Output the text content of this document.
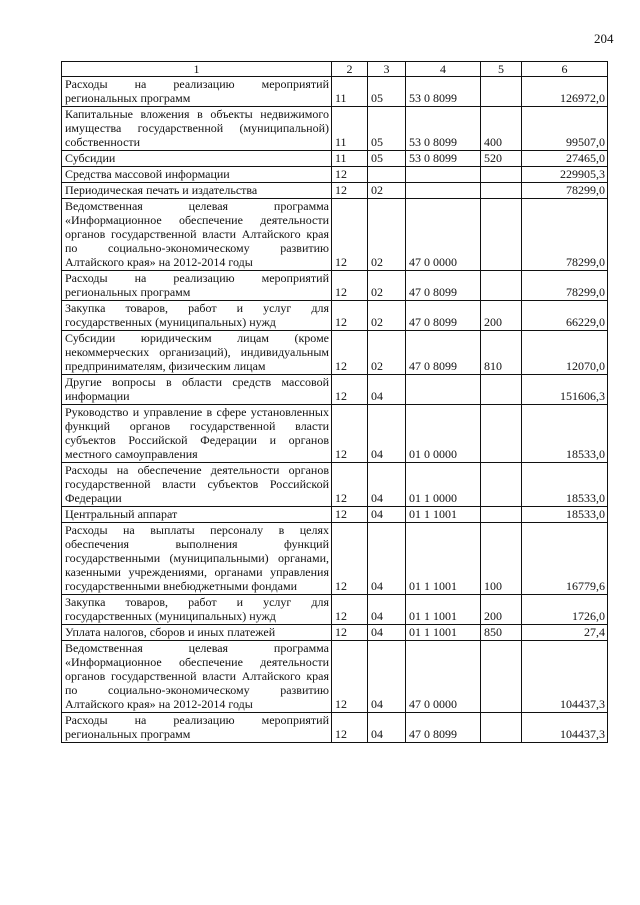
204
1	2	3	4	5	6
Расходы на реализацию мероприятий региональных программ	11	05	53 0 8099		126972,0
Капитальные вложения в объекты недвижимого имущества государственной (муниципальной) собственности	11	05	53 0 8099	400	99507,0
Субсидии	11	05	53 0 8099	520	27465,0
Средства массовой информации	12				229905,3
Периодическая печать и издательства	12	02			78299,0
Ведомственная целевая программа «Информационное обеспечение деятельности органов государственной власти Алтайского края по социально-экономическому развитию Алтайского края» на 2012-2014 годы	12	02	47 0 0000		78299,0
Расходы на реализацию мероприятий региональных программ	12	02	47 0 8099		78299,0
Закупка товаров, работ и услуг для государственных (муниципальных) нужд	12	02	47 0 8099	200	66229,0
Субсидии юридическим лицам (кроме некоммерческих организаций), индивидуальным предпринимателям, физическим лицам	12	02	47 0 8099	810	12070,0
Другие вопросы в области средств массовой информации	12	04			151606,3
Руководство и управление в сфере установленных функций органов государственной власти субъектов Российской Федерации и органов местного самоуправления	12	04	01 0 0000		18533,0
Расходы на обеспечение деятельности органов государственной власти субъектов Российской Федерации	12	04	01 1 0000		18533,0
Центральный аппарат	12	04	01 1 1001		18533,0
Расходы на выплаты персоналу в целях обеспечения выполнения функций государственными (муниципальными) органами, казенными учреждениями, органами управления государственными внебюджетными фондами	12	04	01 1 1001	100	16779,6
Закупка товаров, работ и услуг для государственных (муниципальных) нужд	12	04	01 1 1001	200	1726,0
Уплата налогов, сборов и иных платежей	12	04	01 1 1001	850	27,4
Ведомственная целевая программа «Информационное обеспечение деятельности органов государственной власти Алтайского края по социально-экономическому развитию Алтайского края» на 2012-2014 годы	12	04	47 0 0000		104437,3
Расходы на реализацию мероприятий региональных программ	12	04	47 0 8099		104437,3
